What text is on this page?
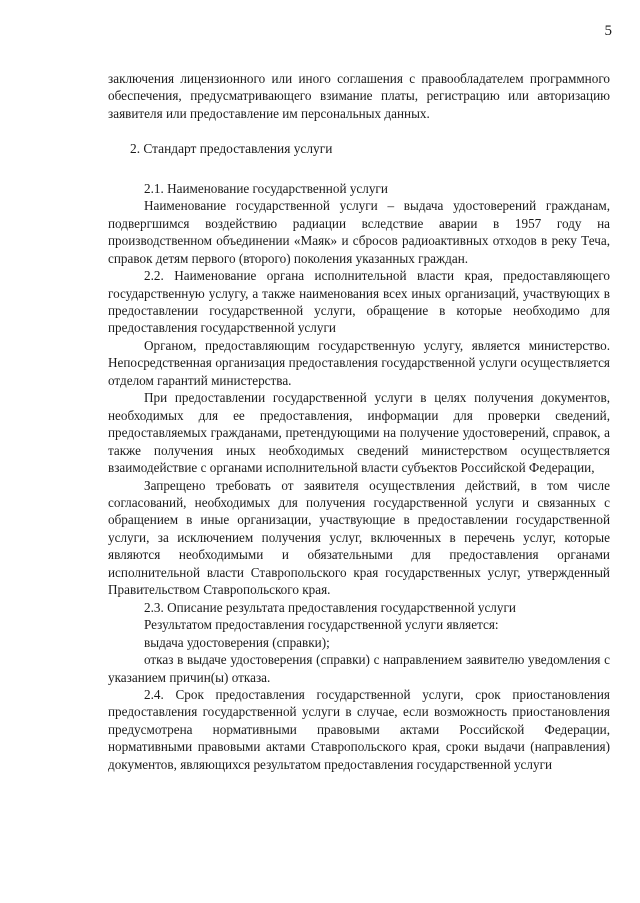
5

заключения лицензионного или иного соглашения с правообладателем программного обеспечения, предусматривающего взимание платы, регистрацию или авторизацию заявителя или предоставление им персональных данных.

2. Стандарт предоставления услуги

2.1. Наименование государственной услуги

Наименование государственной услуги – выдача удостоверений гражданам, подвергшимся воздействию радиации вследствие аварии в 1957 году на производственном объединении «Маяк» и сбросов радиоактивных отходов в реку Теча, справок детям первого (второго) поколения указанных граждан.

2.2. Наименование органа исполнительной власти края, предоставляющего государственную услугу, а также наименования всех иных организаций, участвующих в предоставлении государственной услуги, обращение в которые необходимо для предоставления государственной услуги

Органом, предоставляющим государственную услугу, является министерство. Непосредственная организация предоставления государственной услуги осуществляется отделом гарантий министерства.

При предоставлении государственной услуги в целях получения документов, необходимых для ее предоставления, информации для проверки сведений, предоставляемых гражданами, претендующими на получение удостоверений, справок, а также получения иных необходимых сведений министерством осуществляется взаимодействие с органами исполнительной власти субъектов Российской Федерации,

Запрещено требовать от заявителя осуществления действий, в том числе согласований, необходимых для получения государственной услуги и связанных с обращением в иные организации, участвующие в предоставлении государственной услуги, за исключением получения услуг, включенных в перечень услуг, которые являются необходимыми и обязательными для предоставления органами исполнительной власти Ставропольского края государственных услуг, утвержденный Правительством Ставропольского края.

2.3. Описание результата предоставления государственной услуги

Результатом предоставления государственной услуги является:

выдача удостоверения (справки);

отказ в выдаче удостоверения (справки) с направлением заявителю уведомления с указанием причин(ы) отказа.

2.4. Срок предоставления государственной услуги, срок приостановления предоставления государственной услуги в случае, если возможность приостановления предусмотрена нормативными правовыми актами Российской Федерации, нормативными правовыми актами Ставропольского края, сроки выдачи (направления) документов, являющихся результатом предоставления государственной услуги
